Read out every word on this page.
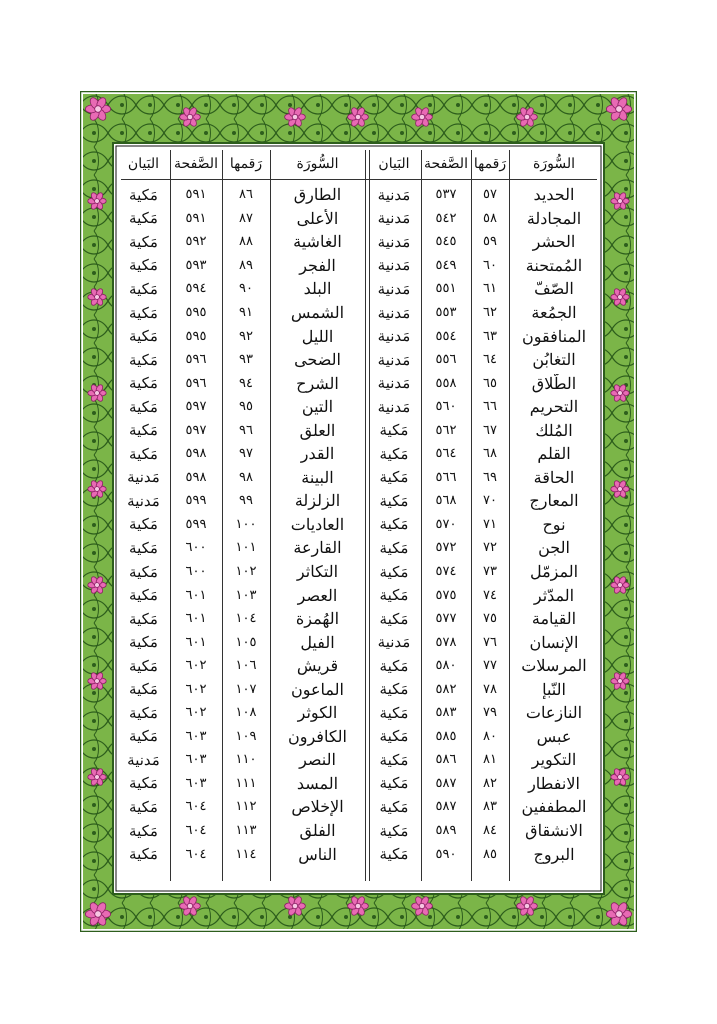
السُّورَة
رَقمها
الصَّفحة
البَيان
الطارق
٨٦
٥٩١
مَكية
الأعلى
٨٧
٥٩١
مَكية
الغاشية
٨٨
٥٩٢
مَكية
الفجر
٨٩
٥٩٣
مَكية
البلد
٩٠
٥٩٤
مَكية
الشمس
٩١
٥٩٥
مَكية
الليل
٩٢
٥٩٥
مَكية
الضحى
٩٣
٥٩٦
مَكية
الشرح
٩٤
٥٩٦
مَكية
التين
٩٥
٥٩٧
مَكية
العلق
٩٦
٥٩٧
مَكية
القدر
٩٧
٥٩٨
مَكية
البينة
٩٨
٥٩٨
مَدنية
الزلزلة
٩٩
٥٩٩
مَدنية
العاديات
١٠٠
٥٩٩
مَكية
القارعة
١٠١
٦٠٠
مَكية
التكاثر
١٠٢
٦٠٠
مَكية
العصر
١٠٣
٦٠١
مَكية
الهُمزة
١٠٤
٦٠١
مَكية
الفيل
١٠٥
٦٠١
مَكية
قريش
١٠٦
٦٠٢
مَكية
الماعون
١٠٧
٦٠٢
مَكية
الكوثر
١٠٨
٦٠٢
مَكية
الكافرون
١٠٩
٦٠٣
مَكية
النصر
١١٠
٦٠٣
مَدنية
المسد
١١١
٦٠٣
مَكية
الإخلاص
١١٢
٦٠٤
مَكية
الفلق
١١٣
٦٠٤
مَكية
الناس
١١٤
٦٠٤
مَكية
السُّورَة
رَقمها
الصَّفحة
البَيان
الحديد
٥٧
٥٣٧
مَدنية
المجادلة
٥٨
٥٤٢
مَدنية
الحشر
٥٩
٥٤٥
مَدنية
المُمتحنة
٦٠
٥٤٩
مَدنية
الصّفّ
٦١
٥٥١
مَدنية
الجمُعة
٦٢
٥٥٣
مَدنية
المنافقون
٦٣
٥٥٤
مَدنية
التغابُن
٦٤
٥٥٦
مَدنية
الطّلاق
٦٥
٥٥٨
مَدنية
التحريم
٦٦
٥٦٠
مَدنية
المُلك
٦٧
٥٦٢
مَكية
القلم
٦٨
٥٦٤
مَكية
الحاقة
٦٩
٥٦٦
مَكية
المعارج
٧٠
٥٦٨
مَكية
نوح
٧١
٥٧٠
مَكية
الجن
٧٢
٥٧٢
مَكية
المزمّل
٧٣
٥٧٤
مَكية
المدّثر
٧٤
٥٧٥
مَكية
القيامة
٧٥
٥٧٧
مَكية
الإنسان
٧٦
٥٧٨
مَدنية
المرسلات
٧٧
٥٨٠
مَكية
النّبإ
٧٨
٥٨٢
مَكية
النازعات
٧٩
٥٨٣
مَكية
عبس
٨٠
٥٨٥
مَكية
التكوير
٨١
٥٨٦
مَكية
الانفطار
٨٢
٥٨٧
مَكية
المطففين
٨٣
٥٨٧
مَكية
الانشقاق
٨٤
٥٨٩
مَكية
البروج
٨٥
٥٩٠
مَكية
